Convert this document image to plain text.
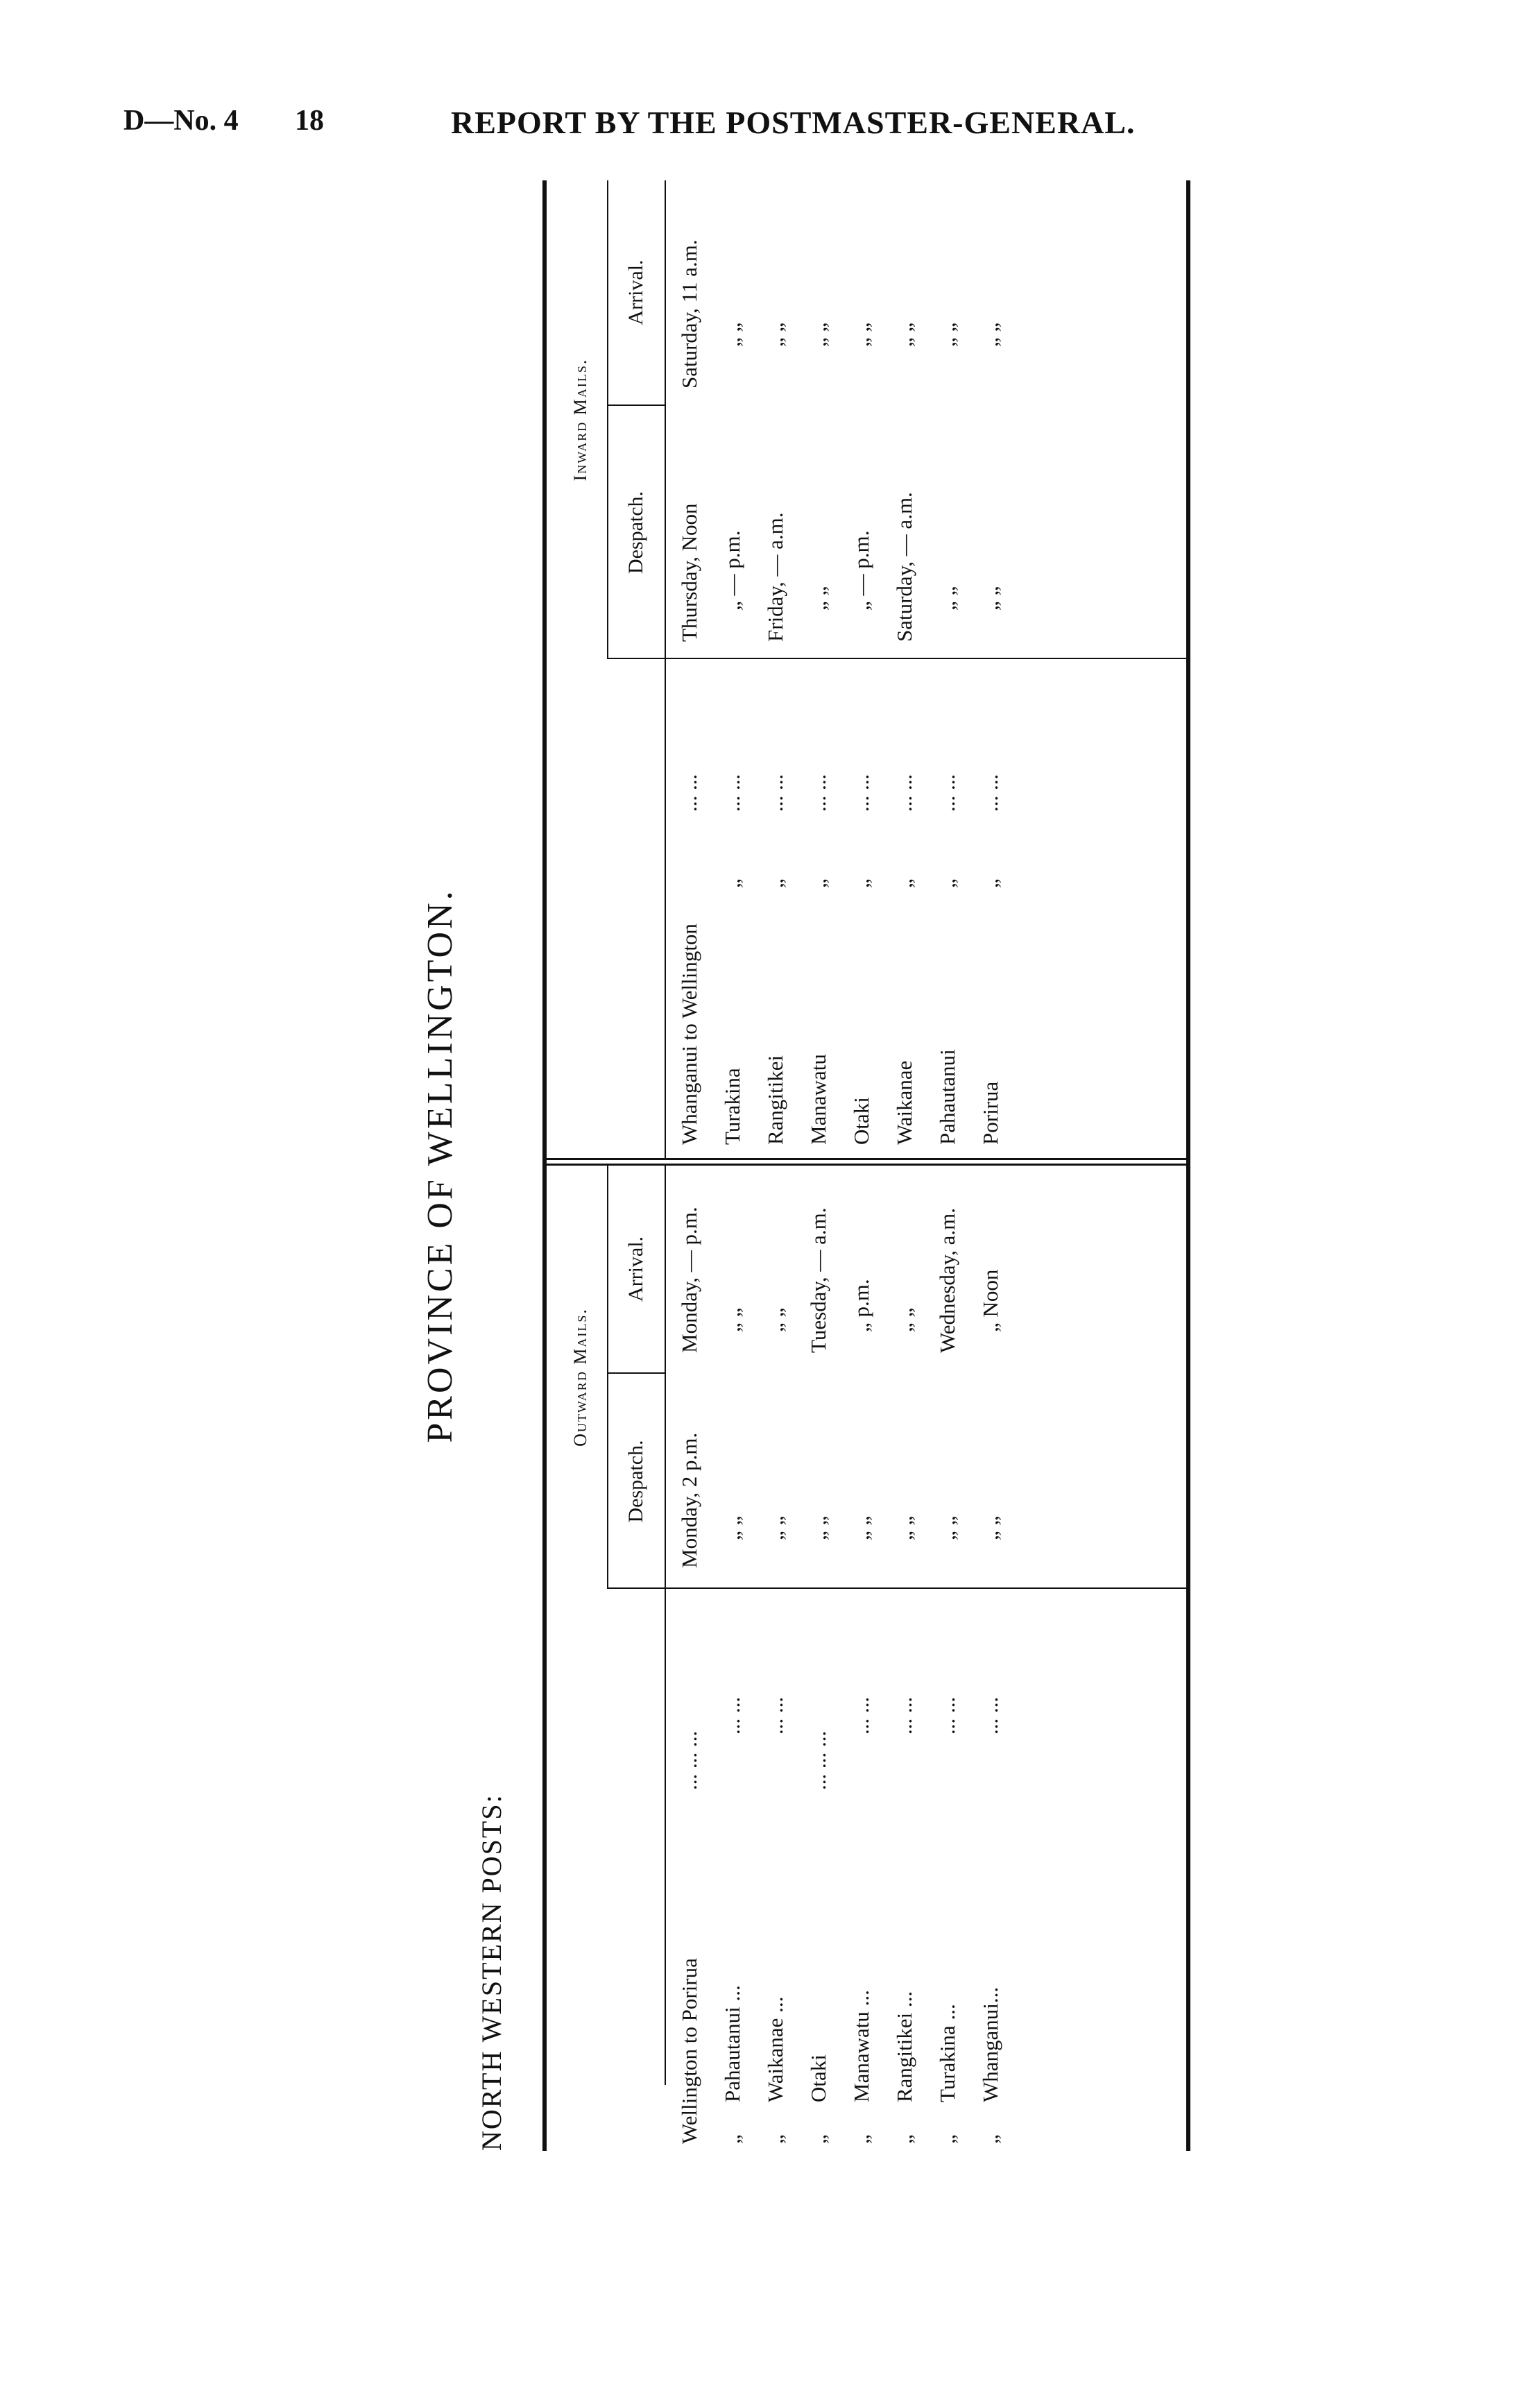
D—No. 4 18	REPORT BY THE POSTMASTER-GENERAL.
PROVINCE OF WELLINGTON.
NORTH WESTERN POSTS:
Outward Mails.
Inward Mails.
Despatch.
Arrival.
Despatch.
Arrival.
Wellington to Porirua
... ... ...
Monday, 2 p.m.
Monday, — p.m.
„
Pahautanui ...
... ...
„ „
„ „
„
Waikanae ...
... ...
„ „
„ „
„
Otaki
... ... ...
„ „
Tuesday, — a.m.
„
Manawatu ...
... ...
„ „
„ p.m.
„
Rangitikei ...
... ...
„ „
„ „
„
Turakina ...
... ...
„ „
Wednesday, a.m.
„
Whanganui...
... ...
„ „
„ Noon
Whanganui to Wellington
... ...
Thursday, Noon
Saturday, 11 a.m.
Turakina
„
... ...
„ — p.m.
„ „
Rangitikei
„
... ...
Friday, — a.m.
„ „
Manawatu
„
... ...
„ „
„ „
Otaki
„
... ...
„ — p.m.
„ „
Waikanae
„
... ...
Saturday, — a.m.
„ „
Pahautanui
„
... ...
„ „
„ „
Porirua
„
... ...
„ „
„ „
